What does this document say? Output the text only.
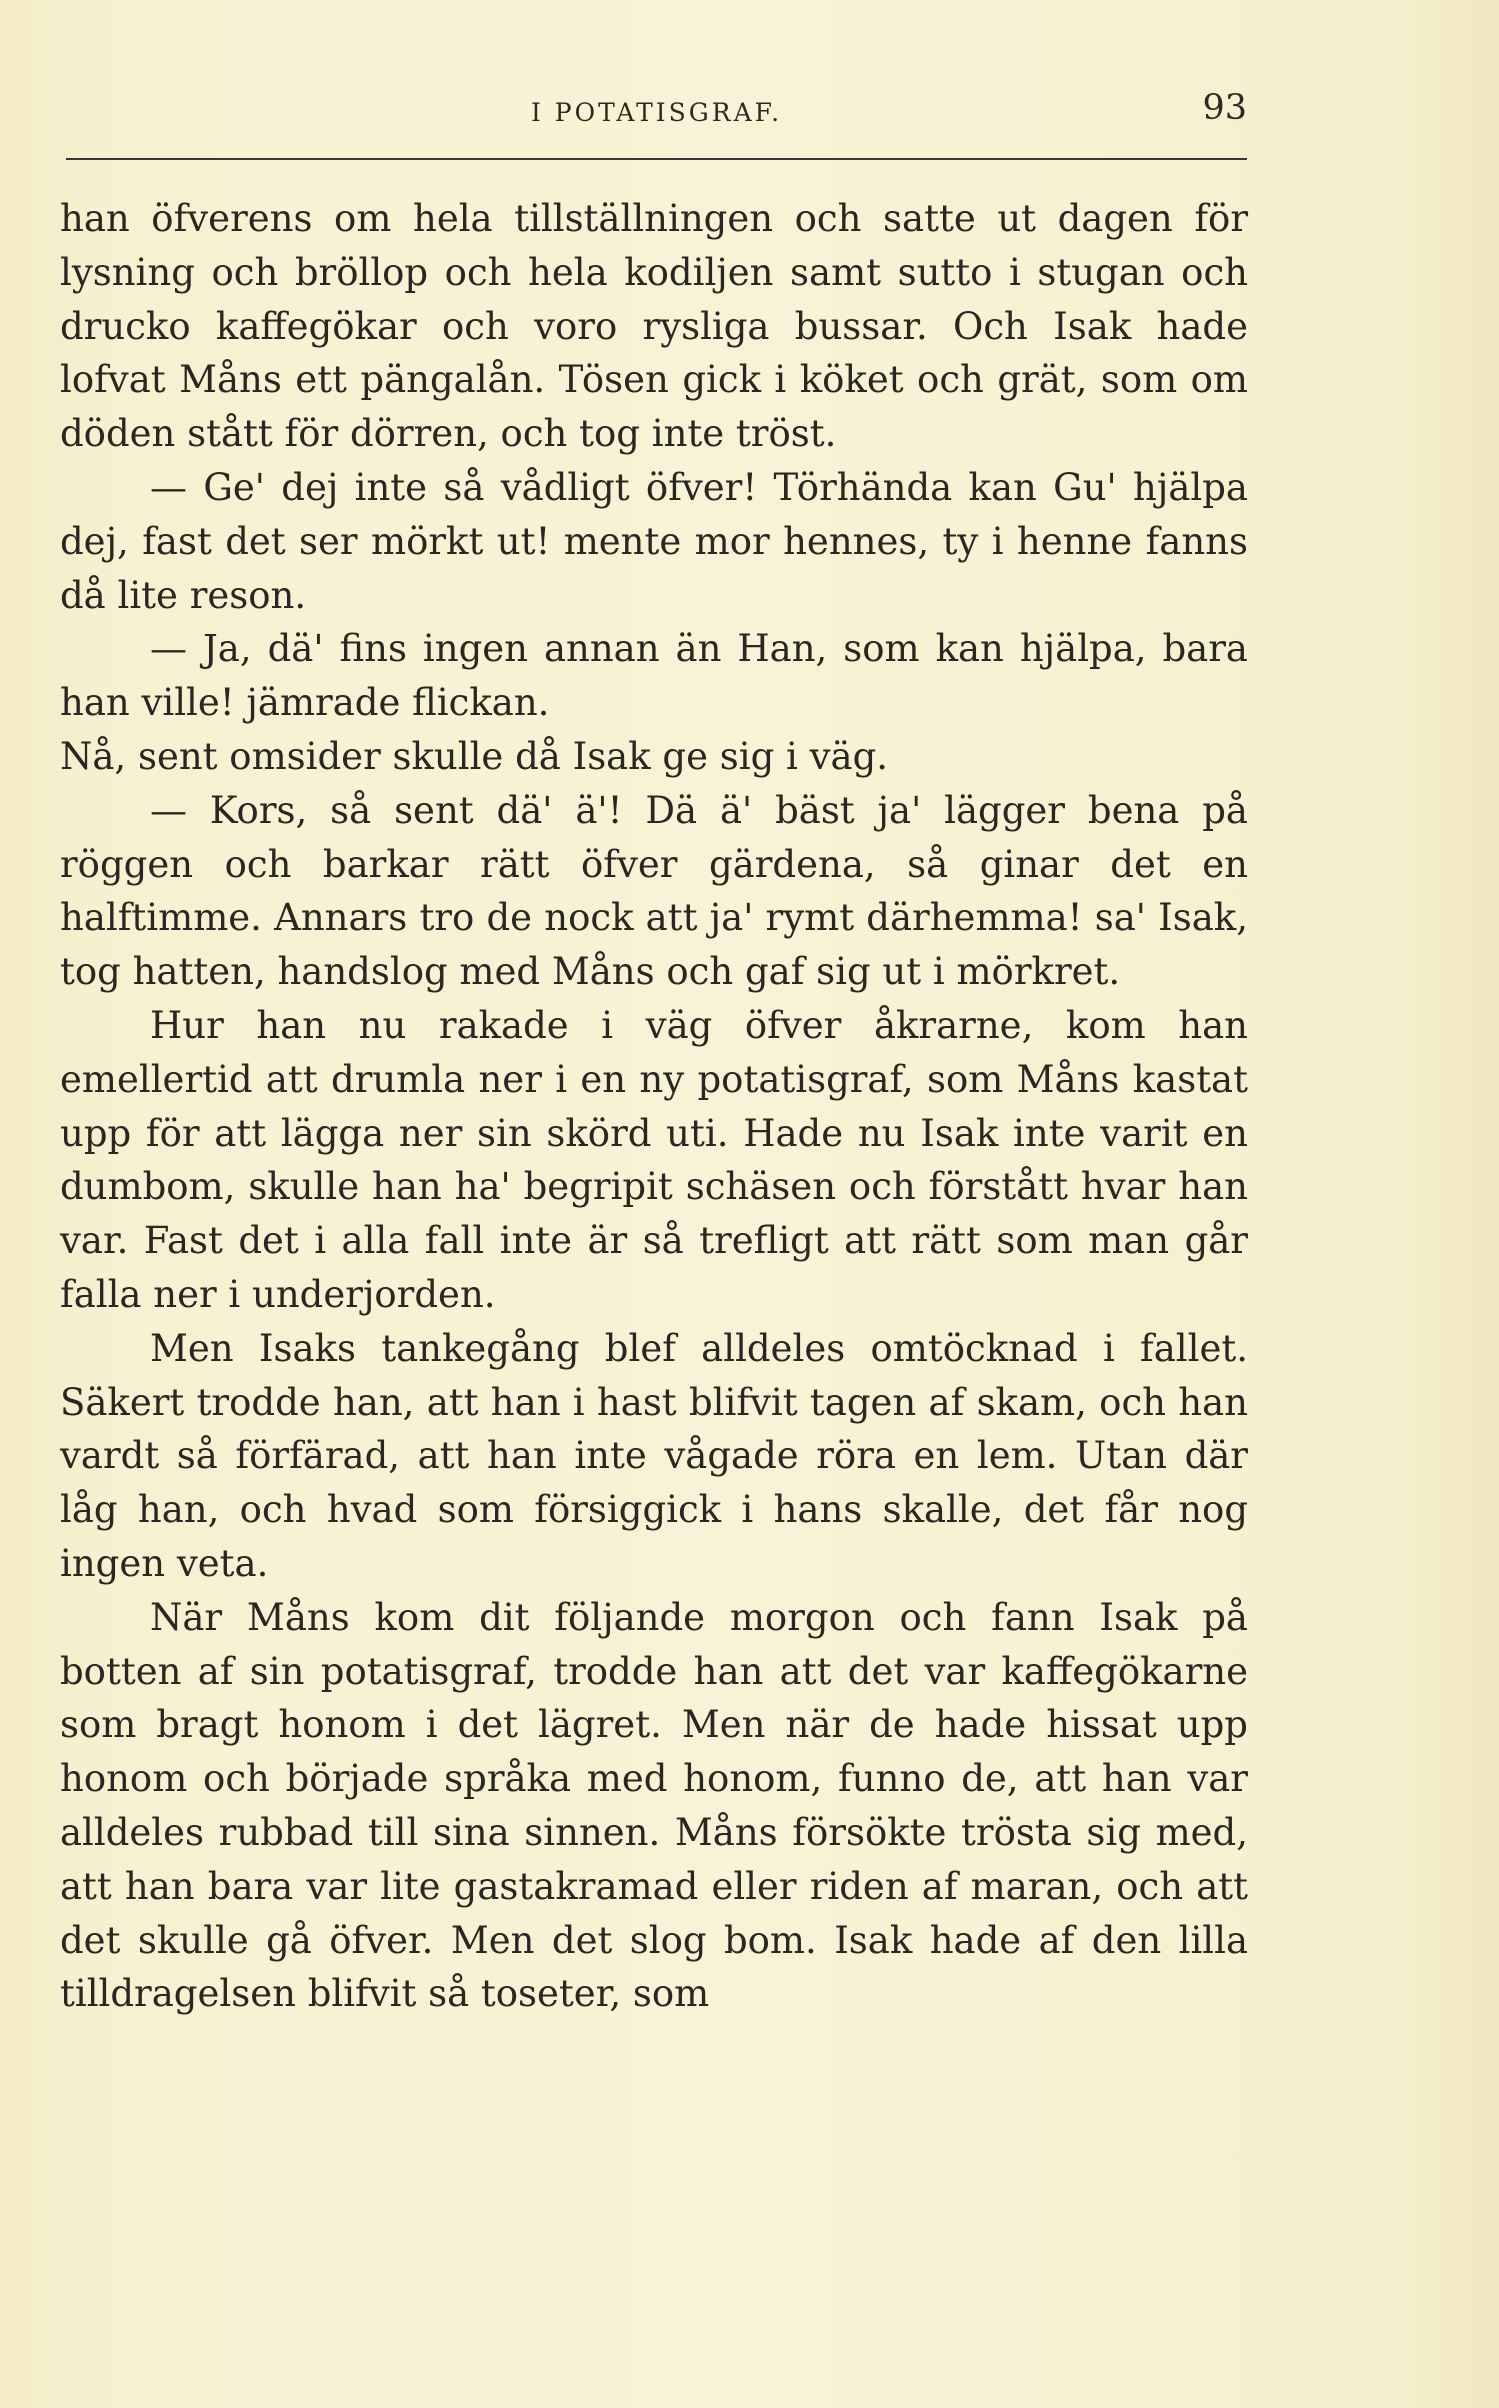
I POTATISGRAF.	93

han öfverens om hela tillställningen och satte ut dagen för lysning och bröllop och hela kodiljen samt sutto i stugan och drucko kaffegökar och voro rysliga bussar. Och Isak hade lofvat Måns ett pängalån. Tösen gick i köket och grät, som om döden stått för dörren, och tog inte tröst.

— Ge' dej inte så vådligt öfver! Törhända kan Gu' hjälpa dej, fast det ser mörkt ut! mente mor hennes, ty i henne fanns då lite reson.

— Ja, dä' fins ingen annan än Han, som kan hjälpa, bara han ville! jämrade flickan.

Nå, sent omsider skulle då Isak ge sig i väg.

— Kors, så sent dä' ä'! Dä ä' bäst ja' lägger bena på röggen och barkar rätt öfver gärdena, så ginar det en halftimme. Annars tro de nock att ja' rymt därhemma! sa' Isak, tog hatten, handslog med Måns och gaf sig ut i mörkret.

Hur han nu rakade i väg öfver åkrarne, kom han emellertid att drumla ner i en ny potatisgraf, som Måns kastat upp för att lägga ner sin skörd uti. Hade nu Isak inte varit en dumbom, skulle han ha' begripit schäsen och förstått hvar han var. Fast det i alla fall inte är så trefligt att rätt som man går falla ner i underjorden.

Men Isaks tankegång blef alldeles omtöcknad i fallet. Säkert trodde han, att han i hast blifvit tagen af skam, och han vardt så förfärad, att han inte vågade röra en lem. Utan där låg han, och hvad som försiggick i hans skalle, det får nog ingen veta.

När Måns kom dit följande morgon och fann Isak på botten af sin potatisgraf, trodde han att det var kaffegökarne som bragt honom i det lägret. Men när de hade hissat upp honom och började språka med honom, funno de, att han var alldeles rubbad till sina sinnen. Måns försökte trösta sig med, att han bara var lite gastakramad eller riden af maran, och att det skulle gå öfver. Men det slog bom. Isak hade af den lilla tilldragelsen blifvit så toseter, som
